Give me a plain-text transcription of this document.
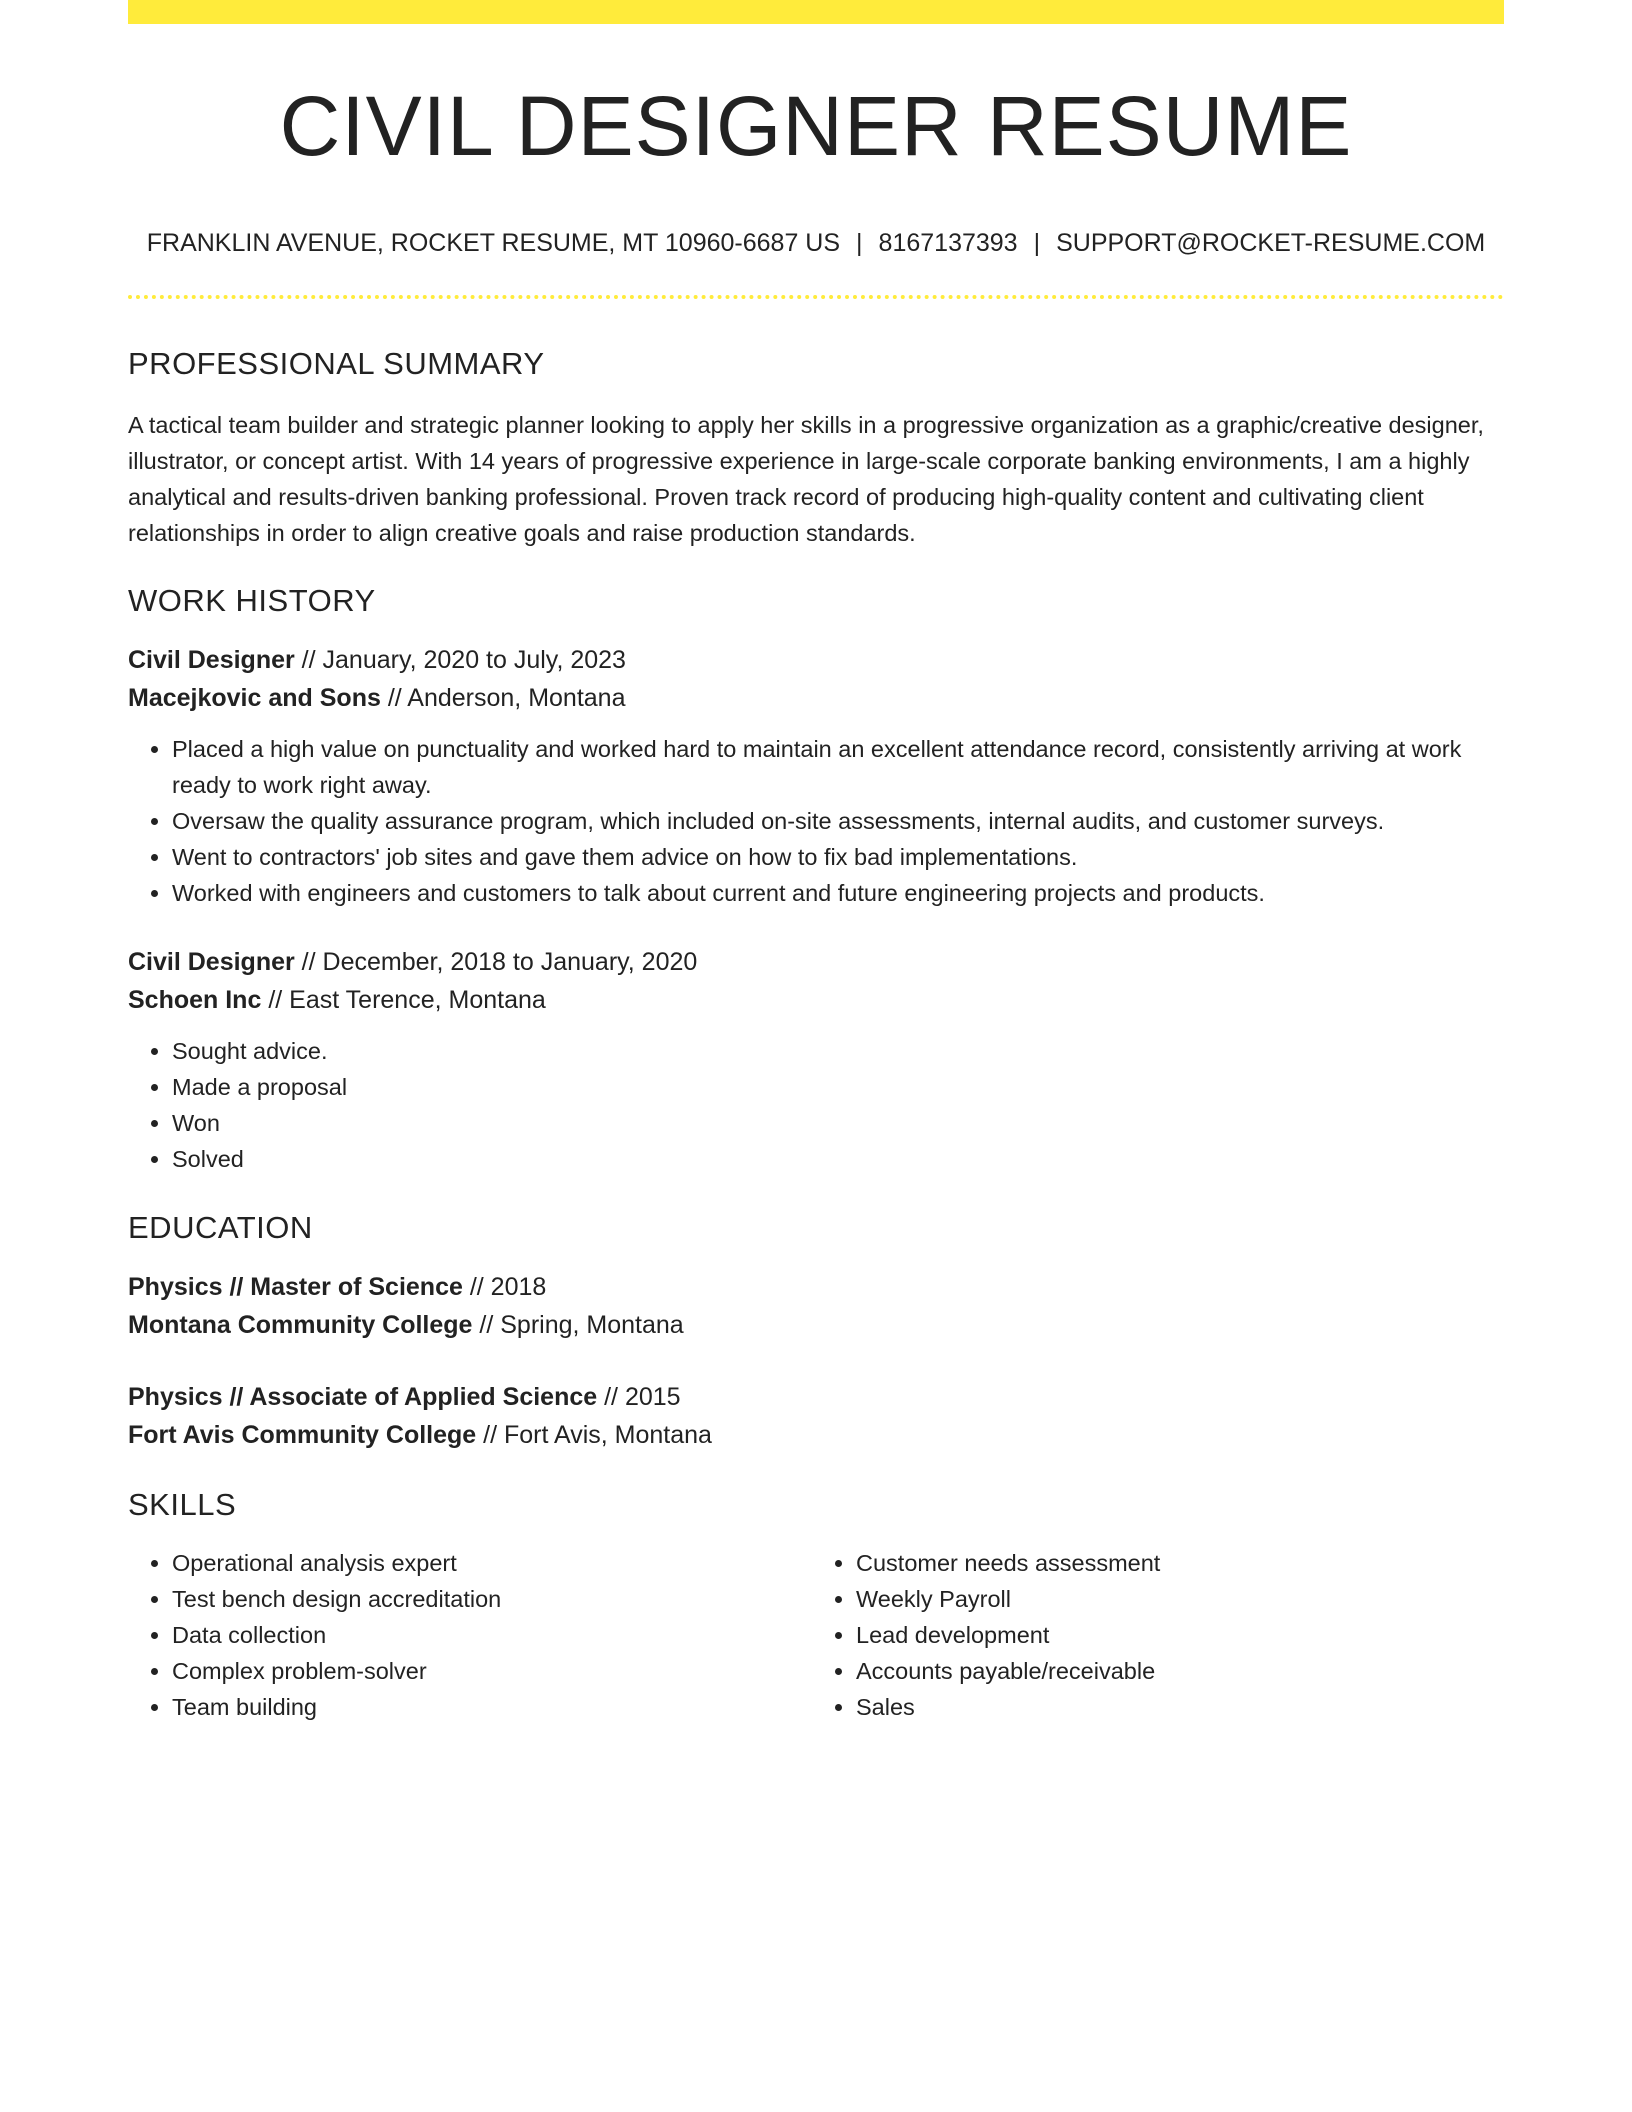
CIVIL DESIGNER RESUME
FRANKLIN AVENUE, ROCKET RESUME, MT 10960-6687 US | 8167137393 | SUPPORT@ROCKET-RESUME.COM
PROFESSIONAL SUMMARY

A tactical team builder and strategic planner looking to apply her skills in a progressive organization as a graphic/creative designer, illustrator, or concept artist. With 14 years of progressive experience in large-scale corporate banking environments, I am a highly analytical and results-driven banking professional. Proven track record of producing high-quality content and cultivating client relationships in order to align creative goals and raise production standards.

WORK HISTORY
Civil Designer // January, 2020 to July, 2023
Macejkovic and Sons // Anderson, Montana
• Placed a high value on punctuality and worked hard to maintain an excellent attendance record, consistently arriving at work ready to work right away.
• Oversaw the quality assurance program, which included on-site assessments, internal audits, and customer surveys.
• Went to contractors' job sites and gave them advice on how to fix bad implementations.
• Worked with engineers and customers to talk about current and future engineering projects and products.
Civil Designer // December, 2018 to January, 2020
Schoen Inc // East Terence, Montana
• Sought advice.
• Made a proposal
• Won
• Solved
EDUCATION
Physics // Master of Science // 2018
Montana Community College // Spring, Montana
Physics // Associate of Applied Science // 2015
Fort Avis Community College // Fort Avis, Montana
SKILLS
• Operational analysis expert
• Test bench design accreditation
• Data collection
• Complex problem-solver
• Team building
• Customer needs assessment
• Weekly Payroll
• Lead development
• Accounts payable/receivable
• Sales
